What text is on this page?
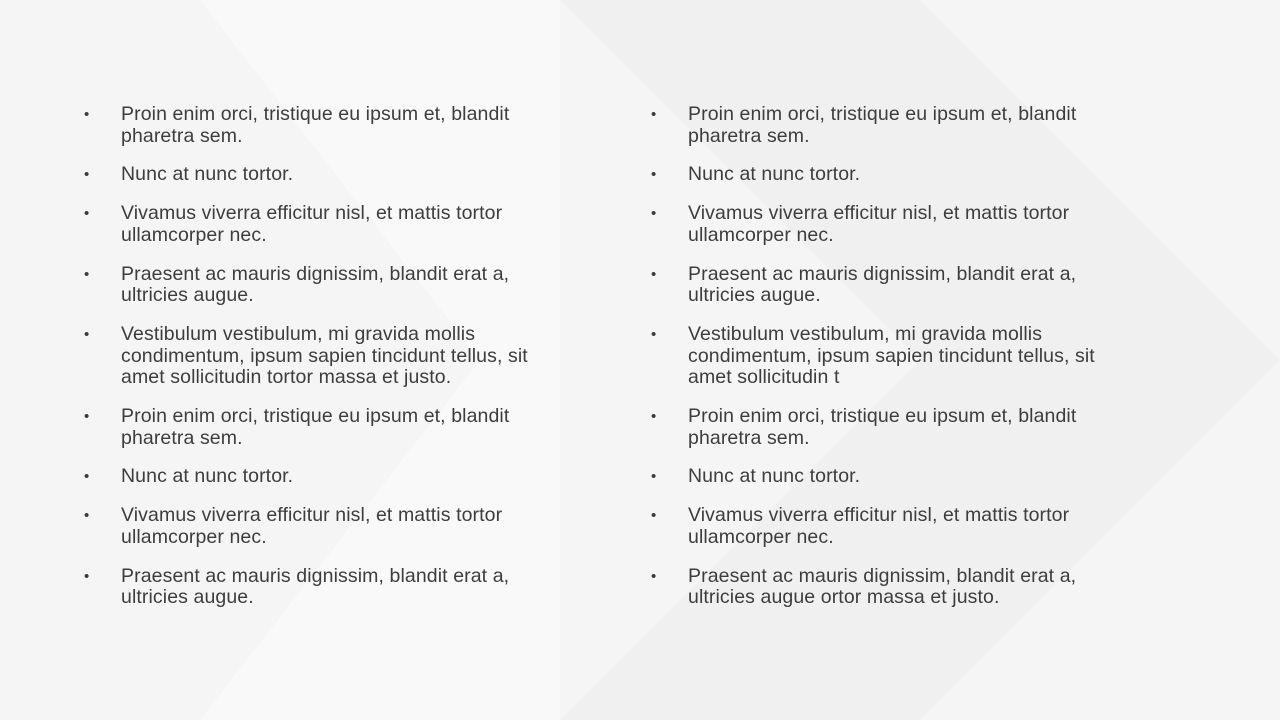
• Proin enim orci, tristique eu ipsum et, blandit pharetra sem.
• Nunc at nunc tortor.
• Vivamus viverra efficitur nisl, et mattis tortor ullamcorper nec.
• Praesent ac mauris dignissim, blandit erat a, ultricies augue.
• Vestibulum vestibulum, mi gravida mollis condimentum, ipsum sapien tincidunt tellus, sit amet sollicitudin tortor massa et justo.
• Proin enim orci, tristique eu ipsum et, blandit pharetra sem.
• Nunc at nunc tortor.
• Vivamus viverra efficitur nisl, et mattis tortor ullamcorper nec.
• Praesent ac mauris dignissim, blandit erat a, ultricies augue.
• Proin enim orci, tristique eu ipsum et, blandit pharetra sem.
• Nunc at nunc tortor.
• Vivamus viverra efficitur nisl, et mattis tortor ullamcorper nec.
• Praesent ac mauris dignissim, blandit erat a, ultricies augue.
• Vestibulum vestibulum, mi gravida mollis condimentum, ipsum sapien tincidunt tellus, sit amet sollicitudin t
• Proin enim orci, tristique eu ipsum et, blandit pharetra sem.
• Nunc at nunc tortor.
• Vivamus viverra efficitur nisl, et mattis tortor ullamcorper nec.
• Praesent ac mauris dignissim, blandit erat a, ultricies augue ortor massa et justo.
